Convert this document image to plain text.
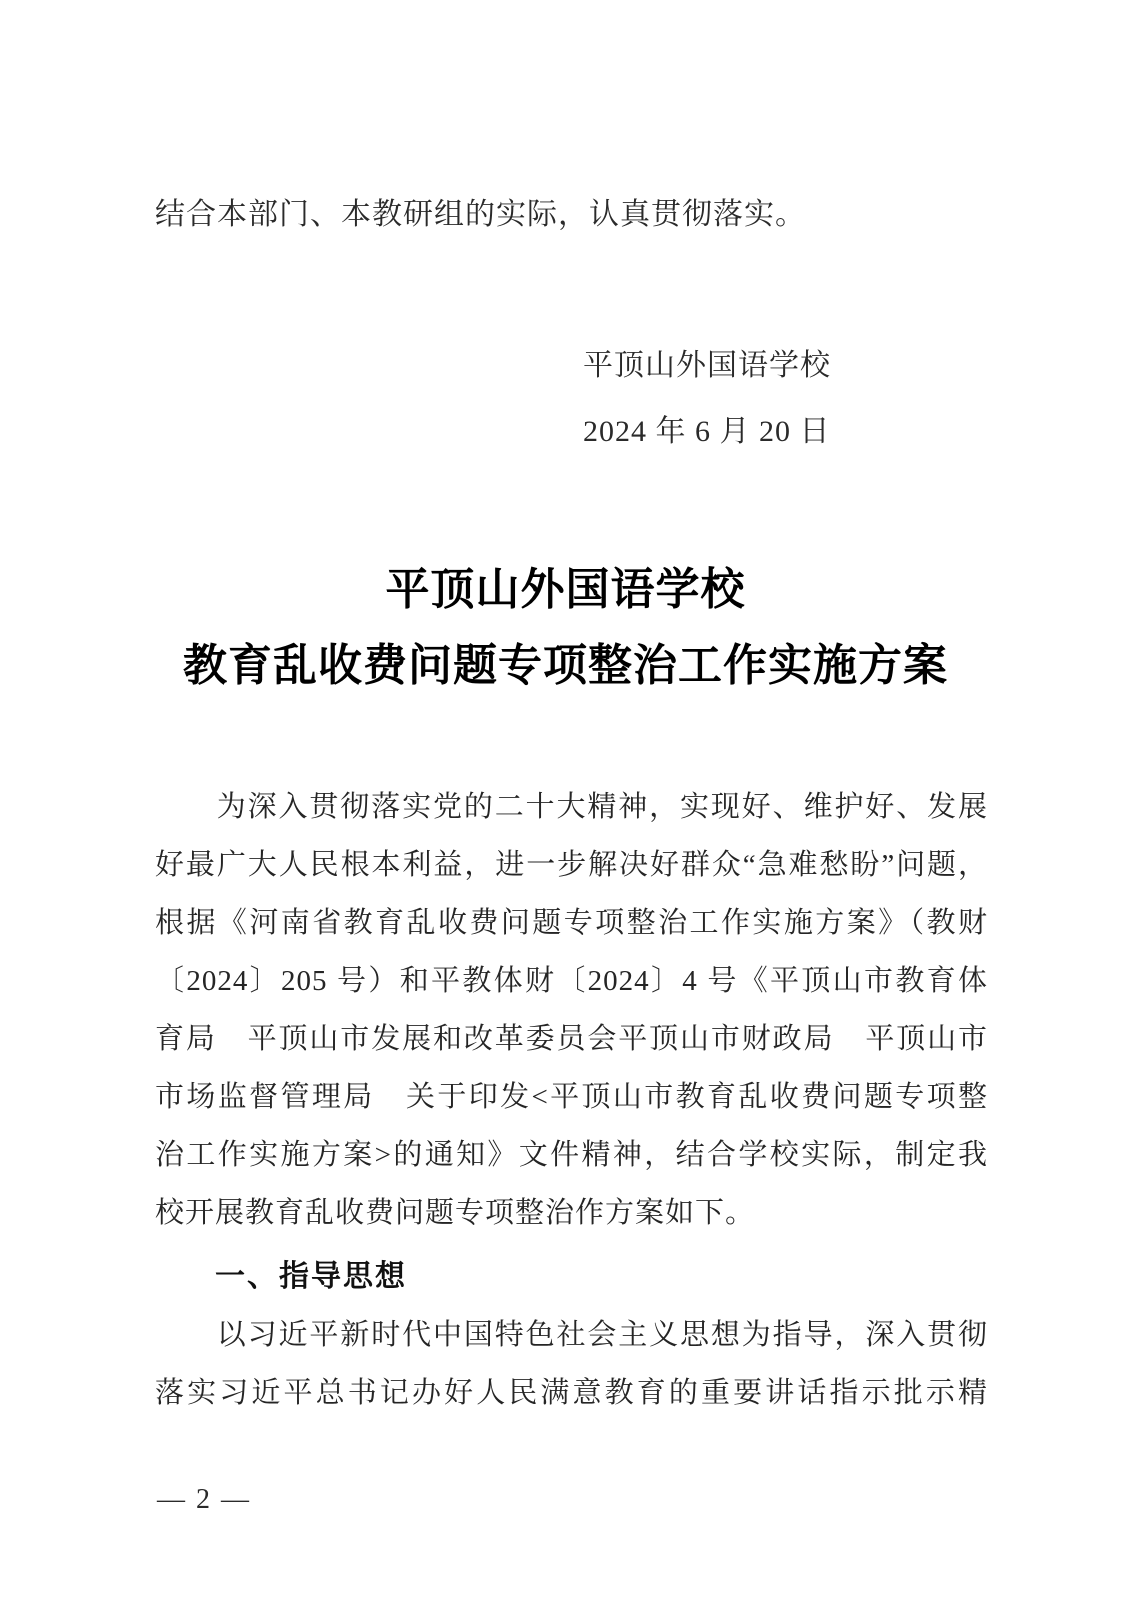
结合本部门、本教研组的实际，认真贯彻落实。
平顶山外国语学校
2024 年 6 月 20 日
平顶山外国语学校
教育乱收费问题专项整治工作实施方案
　　为深入贯彻落实党的二十大精神，实现好、维护好、发展
好最广大人民根本利益，进一步解决好群众“急难愁盼”问题，
根据《河南省教育乱收费问题专项整治工作实施方案》（教财
〔2024〕205 号）和平教体财〔2024〕4 号《平顶山市教育体
育局　平顶山市发展和改革委员会平顶山市财政局　平顶山市
市场监督管理局　关于印发<平顶山市教育乱收费问题专项整
治工作实施方案>的通知》文件精神，结合学校实际，制定我
校开展教育乱收费问题专项整治作方案如下。
一、指导思想
　　以习近平新时代中国特色社会主义思想为指导，深入贯彻
落实习近平总书记办好人民满意教育的重要讲话指示批示精
— 2 —
